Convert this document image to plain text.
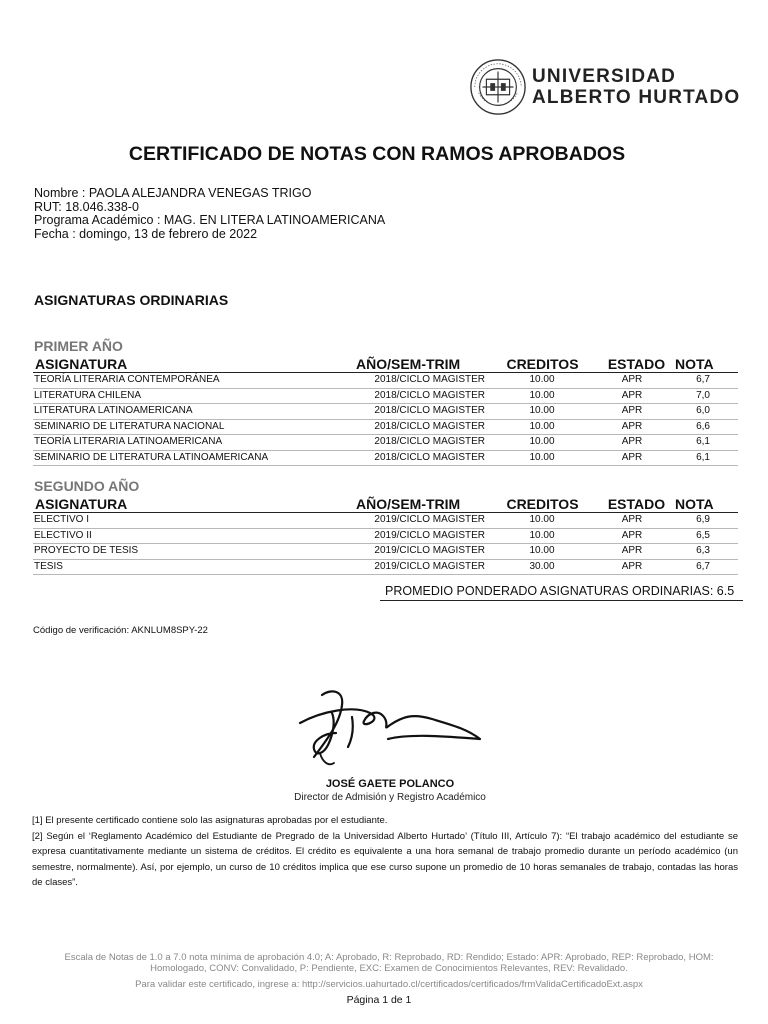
UNIVERSIDAD
ALBERTO HURTADO
CERTIFICADO DE NOTAS CON RAMOS APROBADOS
Nombre : PAOLA ALEJANDRA VENEGAS TRIGO
RUT: 18.046.338-0
Programa Académico : MAG. EN LITERA LATINOAMERICANA
Fecha : domingo, 13 de febrero de 2022
ASIGNATURAS ORDINARIAS
PRIMER AÑO
ASIGNATURA	AÑO/SEM-TRIM	CREDITOS	ESTADO	NOTA
TEORÍA LITERARIA CONTEMPORÁNEA	2018/CICLO MAGISTER	10.00	APR	6,7
LITERATURA CHILENA	2018/CICLO MAGISTER	10.00	APR	7,0
LITERATURA LATINOAMERICANA	2018/CICLO MAGISTER	10.00	APR	6,0
SEMINARIO DE LITERATURA NACIONAL	2018/CICLO MAGISTER	10.00	APR	6,6
TEORÍA LITERARIA LATINOAMERICANA	2018/CICLO MAGISTER	10.00	APR	6,1
SEMINARIO DE LITERATURA LATINOAMERICANA	2018/CICLO MAGISTER	10.00	APR	6,1
SEGUNDO AÑO
ASIGNATURA	AÑO/SEM-TRIM	CREDITOS	ESTADO	NOTA
ELECTIVO I	2019/CICLO MAGISTER	10.00	APR	6,9
ELECTIVO II	2019/CICLO MAGISTER	10.00	APR	6,5
PROYECTO DE TESIS	2019/CICLO MAGISTER	10.00	APR	6,3
TESIS	2019/CICLO MAGISTER	30.00	APR	6,7
PROMEDIO PONDERADO ASIGNATURAS ORDINARIAS: 6.5
Código de verificación: AKNLUM8SPY-22
JOSÉ GAETE POLANCO
Director de Admisión y Registro Académico
[1] El presente certificado contiene solo las asignaturas aprobadas por el estudiante.
[2] Según el ‘Reglamento Académico del Estudiante de Pregrado de la Universidad Alberto Hurtado’ (Título III, Artículo 7): “El trabajo académico del estudiante se expresa cuantitativamente mediante un sistema de créditos. El crédito es equivalente a una hora semanal de trabajo promedio durante un período académico (un semestre, normalmente). Así, por ejemplo, un curso de 10 créditos implica que ese curso supone un promedio de 10 horas semanales de trabajo, contadas las horas de clases”.
Escala de Notas de 1.0 a 7.0 nota mínima de aprobación 4.0; A: Aprobado, R: Reprobado, RD: Rendido; Estado: APR: Aprobado, REP: Reprobado, HOM: Homologado, CONV: Convalidado, P: Pendiente, EXC: Examen de Conocimientos Relevantes, REV: Revalidado.
Para validar este certificado, ingrese a: http://servicios.uahurtado.cl/certificados/certificados/frmValidaCertificadoExt.aspx
Página 1 de 1
